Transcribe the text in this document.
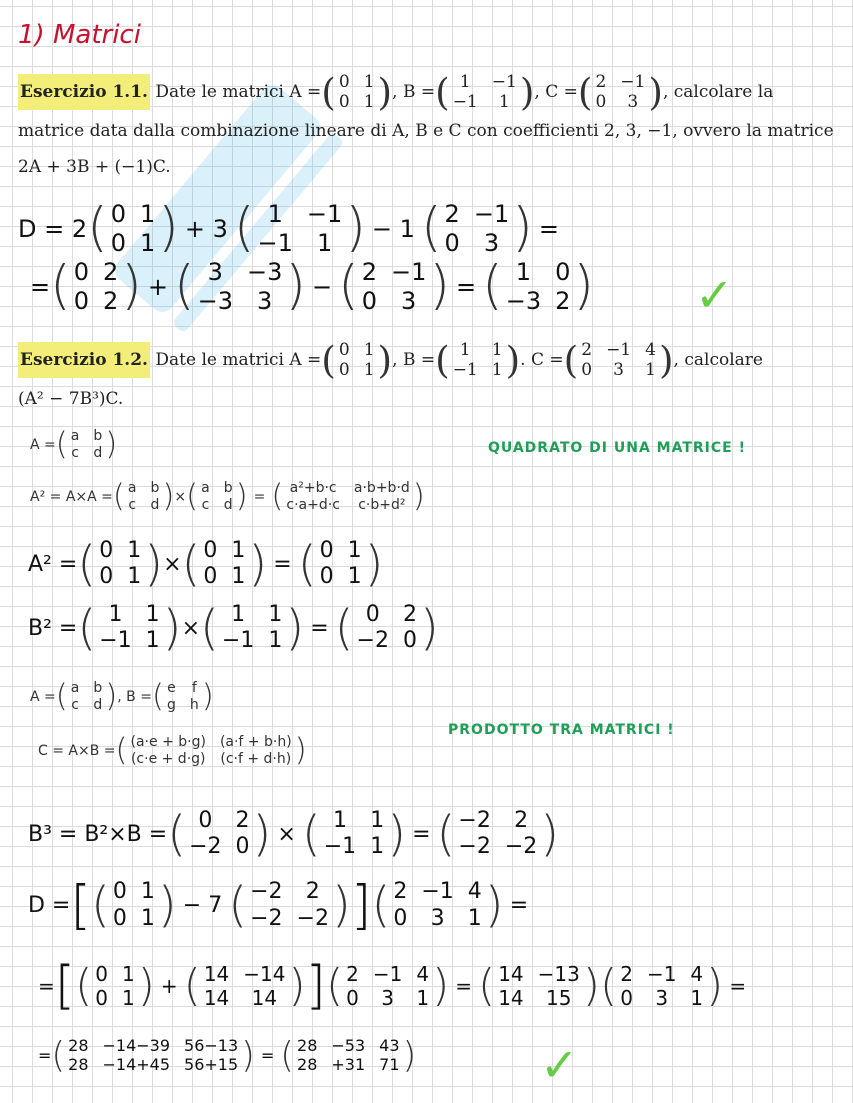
1) Matrici
Esercizio 1.1.
Date le matrici A = ( 0 1
0 1 ) , B = ( 1	−1
−1	1 ) , C = ( 2 −1
0	3 ) , calcolare la
matrice data dalla combinazione lineare di A, B e C con coefficienti 2, 3, −1, ovvero la matrice
2A + 3B + (−1)C.
D = 2 ( 0 1
0 1 ) + 3 ( 1	−1
−1	1 ) − 1 ( 2 −1
0	3 ) =
= ( 0 2
0 2 ) + ( 3	−3
−3	3 ) − ( 2 −1
0	3 ) = ( 1	0
−3 2 ) ✓
Esercizio 1.2.
Date le matrici A = ( 0 1
0 1 ) , B = ( 1	1
−1 1 ) . C = ( 2 −1 4
0	3	1 ) , calcolare
(A² − 7B³)C.
A = ( a b
c d )	QUADRATO DI UNA MATRICE !
A² = A×A = ( a b
c d ) × ( a b
c d ) = ( a²+b·c a·b+b·d
c·a+d·c	c·b+d² )
A² = ( 0 1
0 1 ) × ( 0 1
0 1 ) = ( 0 1
0 1 )
B² = ( 1	1
−1 1 ) × ( 1	1
−1 1 ) = ( 0	2
−2 0 )
A = ( a b
c d ) , B = ( e f
g h )
PRODOTTO TRA MATRICI !
C = A×B = ( (a·e + b·g) (a·f + b·h)
(c·e + d·g) (c·f + d·h) )
B³ = B²×B = ( 0	2
−2 0 ) × ( 1	1
−1 1 ) = ( −2	2
−2 −2 )
D = [ ( 0 1
0 1 ) − 7 ( −2	2
−2 −2 ) ] ( 2 −1 4
0	3	1 ) =
= [ ( 0 1
0 1 ) + ( 14 −14
14	14 ) ] ( 2 −1 4
0	3	1 ) = ( 14 −13
14	15 ) ( 2 −1 4
0	3	1 ) =
= ( 28 −14−39 56−13
28 −14+45 56+15 ) = ( 28 −53 43
28 +31 71 )	✓
